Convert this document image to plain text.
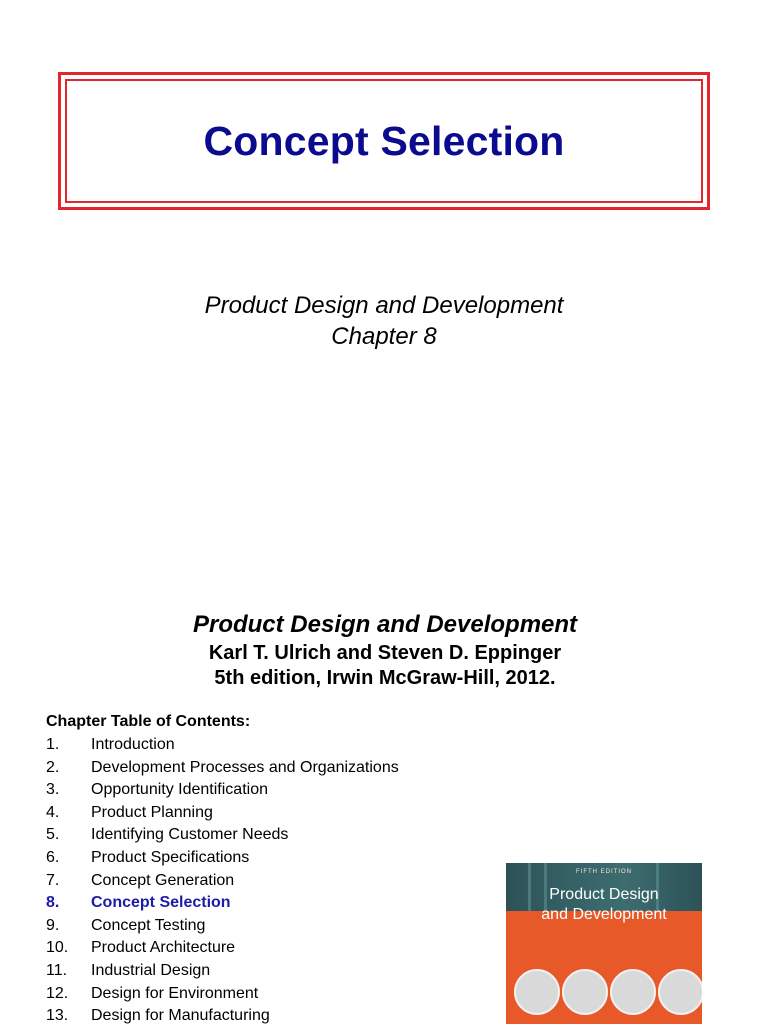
Concept Selection
Product Design and Development
Chapter 8
Product Design and Development
Karl T. Ulrich and Steven D. Eppinger
5th edition, Irwin McGraw-Hill, 2012.
Chapter Table of Contents:
1. Introduction
2. Development Processes and Organizations
3. Opportunity Identification
4. Product Planning
5. Identifying Customer Needs
6. Product Specifications
7. Concept Generation
8. Concept Selection
9. Concept Testing
10. Product Architecture
11. Industrial Design
12. Design for Environment
13. Design for Manufacturing
FIFTH EDITION
Product Design
and Development
